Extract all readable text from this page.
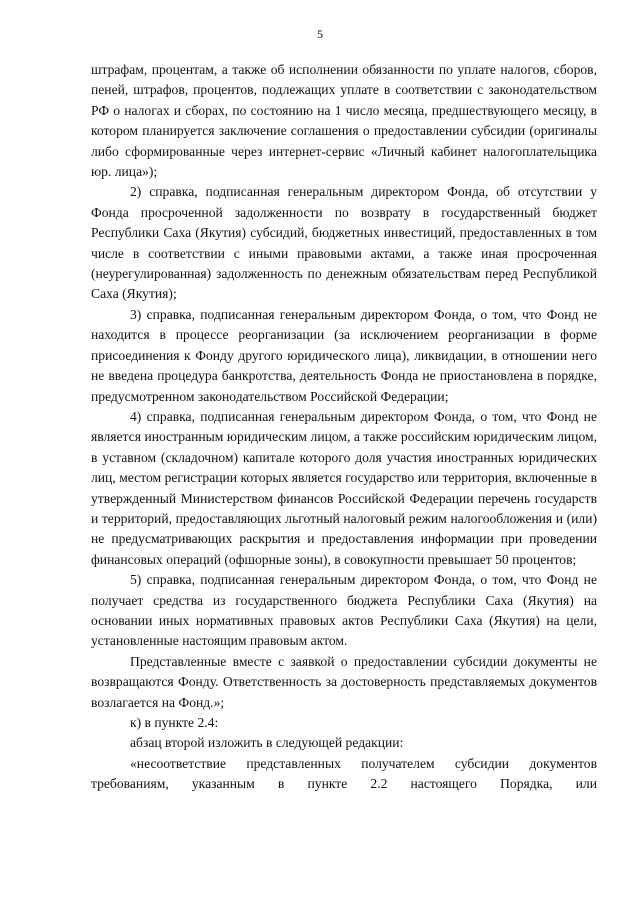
5

штрафам, процентам, а также об исполнении обязанности по уплате налогов, сборов, пеней, штрафов, процентов, подлежащих уплате в соответствии с законодательством РФ о налогах и сборах, по состоянию на 1 число месяца, предшествующего месяцу, в котором планируется заключение соглашения о предоставлении субсидии (оригиналы либо сформированные через интернет-сервис «Личный кабинет налогоплательщика юр. лица»);

2) справка, подписанная генеральным директором Фонда, об отсутствии у Фонда просроченной задолженности по возврату в государственный бюджет Республики Саха (Якутия) субсидий, бюджетных инвестиций, предоставленных в том числе в соответствии с иными правовыми актами, а также иная просроченная (неурегулированная) задолженность по денежным обязательствам перед Республикой Саха (Якутия);

3) справка, подписанная генеральным директором Фонда, о том, что Фонд не находится в процессе реорганизации (за исключением реорганизации в форме присоединения к Фонду другого юридического лица), ликвидации, в отношении него не введена процедура банкротства, деятельность Фонда не приостановлена в порядке, предусмотренном законодательством Российской Федерации;

4) справка, подписанная генеральным директором Фонда, о том, что Фонд не является иностранным юридическим лицом, а также российским юридическим лицом, в уставном (складочном) капитале которого доля участия иностранных юридических лиц, местом регистрации которых является государство или территория, включенные в утвержденный Министерством финансов Российской Федерации перечень государств и территорий, предоставляющих льготный налоговый режим налогообложения и (или) не предусматривающих раскрытия и предоставления информации при проведении финансовых операций (офшорные зоны), в совокупности превышает 50 процентов;

5) справка, подписанная генеральным директором Фонда, о том, что Фонд не получает средства из государственного бюджета Республики Саха (Якутия) на основании иных нормативных правовых актов Республики Саха (Якутия) на цели, установленные настоящим правовым актом.

Представленные вместе с заявкой о предоставлении субсидии документы не возвращаются Фонду. Ответственность за достоверность представляемых документов возлагается на Фонд.»;

к) в пункте 2.4:

абзац второй изложить в следующей редакции:

«несоответствие представленных получателем субсидии документов требованиям, указанным в пункте 2.2 настоящего Порядка, или
